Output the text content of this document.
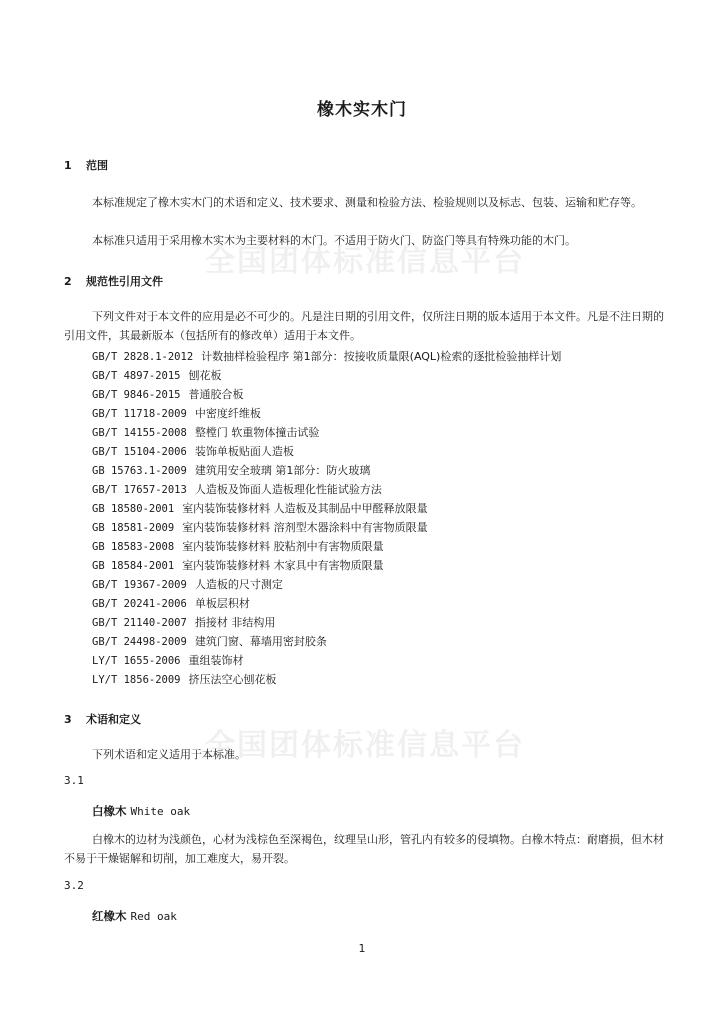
全国团体标准信息平台
全国团体标准信息平台
橡木实木门
1 范围
本标准规定了橡木实木门的术语和定义、技术要求、测量和检验方法、检验规则以及标志、包装、运输和贮存等。
本标准只适用于采用橡木实木为主要材料的木门。不适用于防火门、防盗门等具有特殊功能的木门。
2 规范性引用文件
下列文件对于本文件的应用是必不可少的。凡是注日期的引用文件，仅所注日期的版本适用于本文件。凡是不注日期的引用文件，其最新版本（包括所有的修改单）适用于本文件。
GB/T 2828.1-2012 计数抽样检验程序 第1部分：按接收质量限(AQL)检索的逐批检验抽样计划
GB/T 4897-2015 刨花板
GB/T 9846-2015 普通胶合板
GB/T 11718-2009 中密度纤维板
GB/T 14155-2008 整樘门 软重物体撞击试验
GB/T 15104-2006 装饰单板贴面人造板
GB 15763.1-2009 建筑用安全玻璃 第1部分：防火玻璃
GB/T 17657-2013 人造板及饰面人造板理化性能试验方法
GB 18580-2001 室内装饰装修材料 人造板及其制品中甲醛释放限量
GB 18581-2009 室内装饰装修材料 溶剂型木器涂料中有害物质限量
GB 18583-2008 室内装饰装修材料 胶粘剂中有害物质限量
GB 18584-2001 室内装饰装修材料 木家具中有害物质限量
GB/T 19367-2009 人造板的尺寸测定
GB/T 20241-2006 单板层积材
GB/T 21140-2007 指接材 非结构用
GB/T 24498-2009 建筑门窗、幕墙用密封胶条
LY/T 1655-2006 重组装饰材
LY/T 1856-2009 挤压法空心刨花板
3 术语和定义
下列术语和定义适用于本标准。
3.1
白橡木 White oak
白橡木的边材为浅颜色，心材为浅棕色至深褐色，纹理呈山形，管孔内有较多的侵填物。白橡木特点：耐磨损，但木材不易于干燥锯解和切削，加工难度大，易开裂。
3.2
红橡木 Red oak
1
